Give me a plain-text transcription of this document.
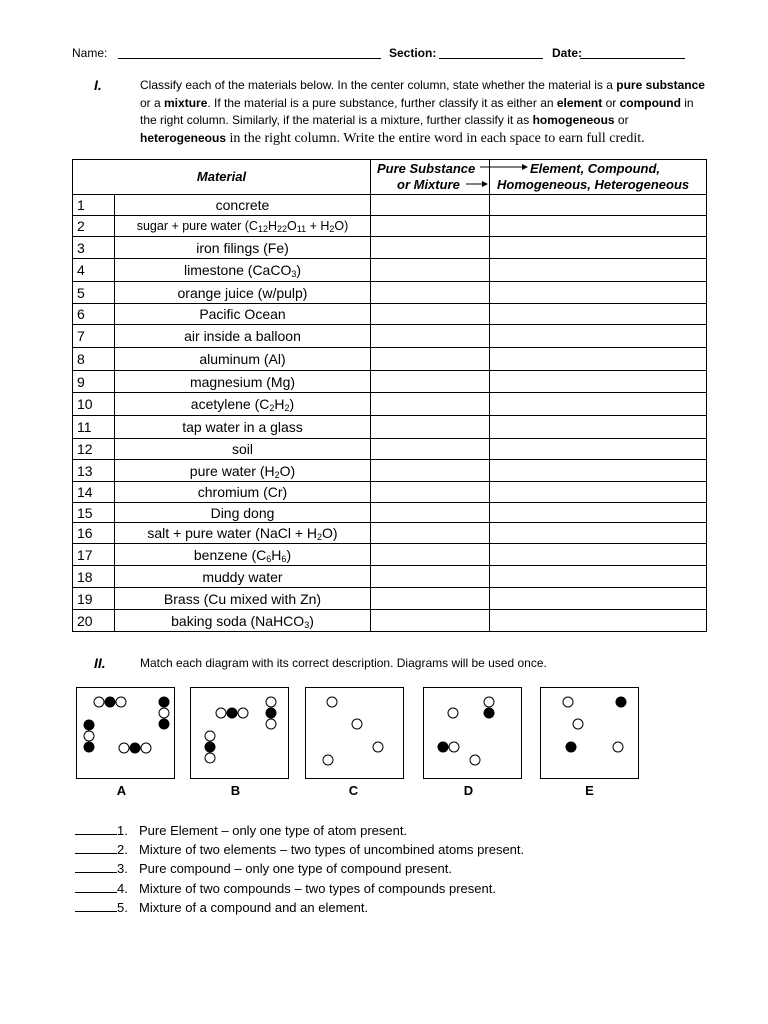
Name:	Section:	Date:
I.	Classify each of the materials below. In the center column, state whether the material is a pure substance or a mixture. If the material is a pure substance, further classify it as either an element or compound in the right column. Similarly, if the material is a mixture, further classify it as homogeneous or heterogeneous in the right column. Write the entire word in each space to earn full credit.
Material		Pure Substance
or Mixture	Element, Compound,
Homogeneous, Heterogeneous

1	concrete		
2	sugar + pure water $(C_{12}H_{22}O_{11} + H_2O)$		
3	iron filings (Fe)		
4	limestone (CaCO$_3$)		
5	orange juice (w/pulp)		
6	Pacific Ocean		
7	air inside a balloon		
8	aluminum (Al)		
9	magnesium (Mg)		
10	acetylene $(C_2H_2)$		
11	tap water in a glass		
12	soil		
13	pure water $(H_2O)$		
14	chromium (Cr)		
15	Ding dong		
16	salt + pure water (NaCl + $H_2O$)		
17	benzene $(C_6H_6)$		
18	muddy water		
19	Brass (Cu mixed with Zn)		
20	baking soda (NaHCO$_3$)		
II.	Match each diagram with its correct description. Diagrams will be used once.
A	B	C	D	E
1. Pure Element – only one type of atom present.
2. Mixture of two elements – two types of uncombined atoms present.
3. Pure compound – only one type of compound present.
4. Mixture of two compounds – two types of compounds present.
5. Mixture of a compound and an element.
